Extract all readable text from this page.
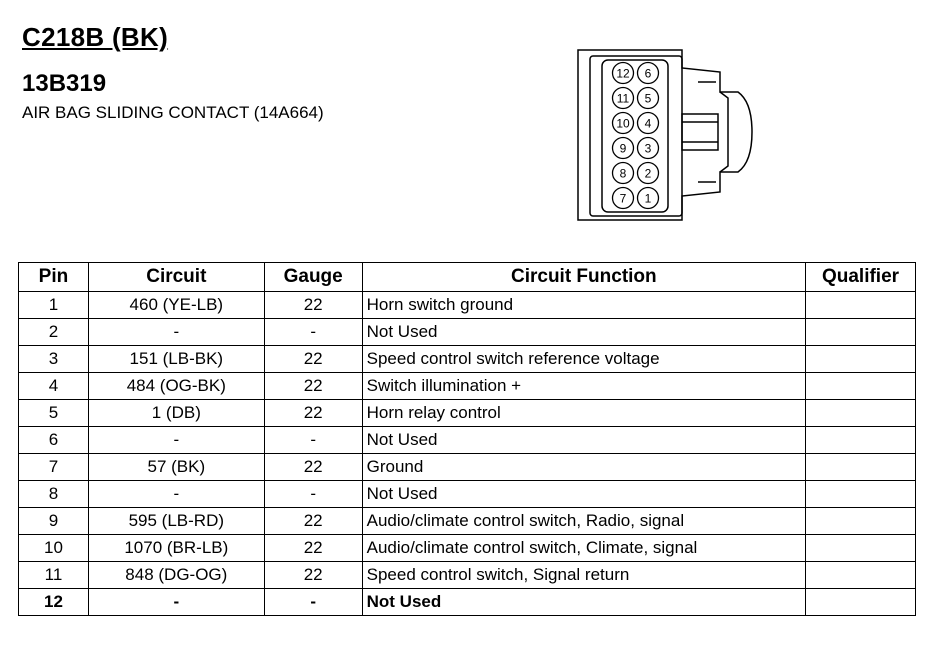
C218B (BK)
13B319
AIR BAG SLIDING CONTACT (14A664)
12
11
10
9
8
7
6
5
4
3
2
1
Pin	Circuit	Gauge	Circuit Function	Qualifier
1	460 (YE-LB)	22	Horn switch ground	
2	-	-	Not Used	
3	151 (LB-BK)	22	Speed control switch reference voltage	
4	484 (OG-BK)	22	Switch illumination +	
5	1 (DB)	22	Horn relay control	
6	-	-	Not Used	
7	57 (BK)	22	Ground	
8	-	-	Not Used	
9	595 (LB-RD)	22	Audio/climate control switch, Radio, signal	
10	1070 (BR-LB)	22	Audio/climate control switch, Climate, signal	
11	848 (DG-OG)	22	Speed control switch, Signal return	
12	-	-	Not Used	
